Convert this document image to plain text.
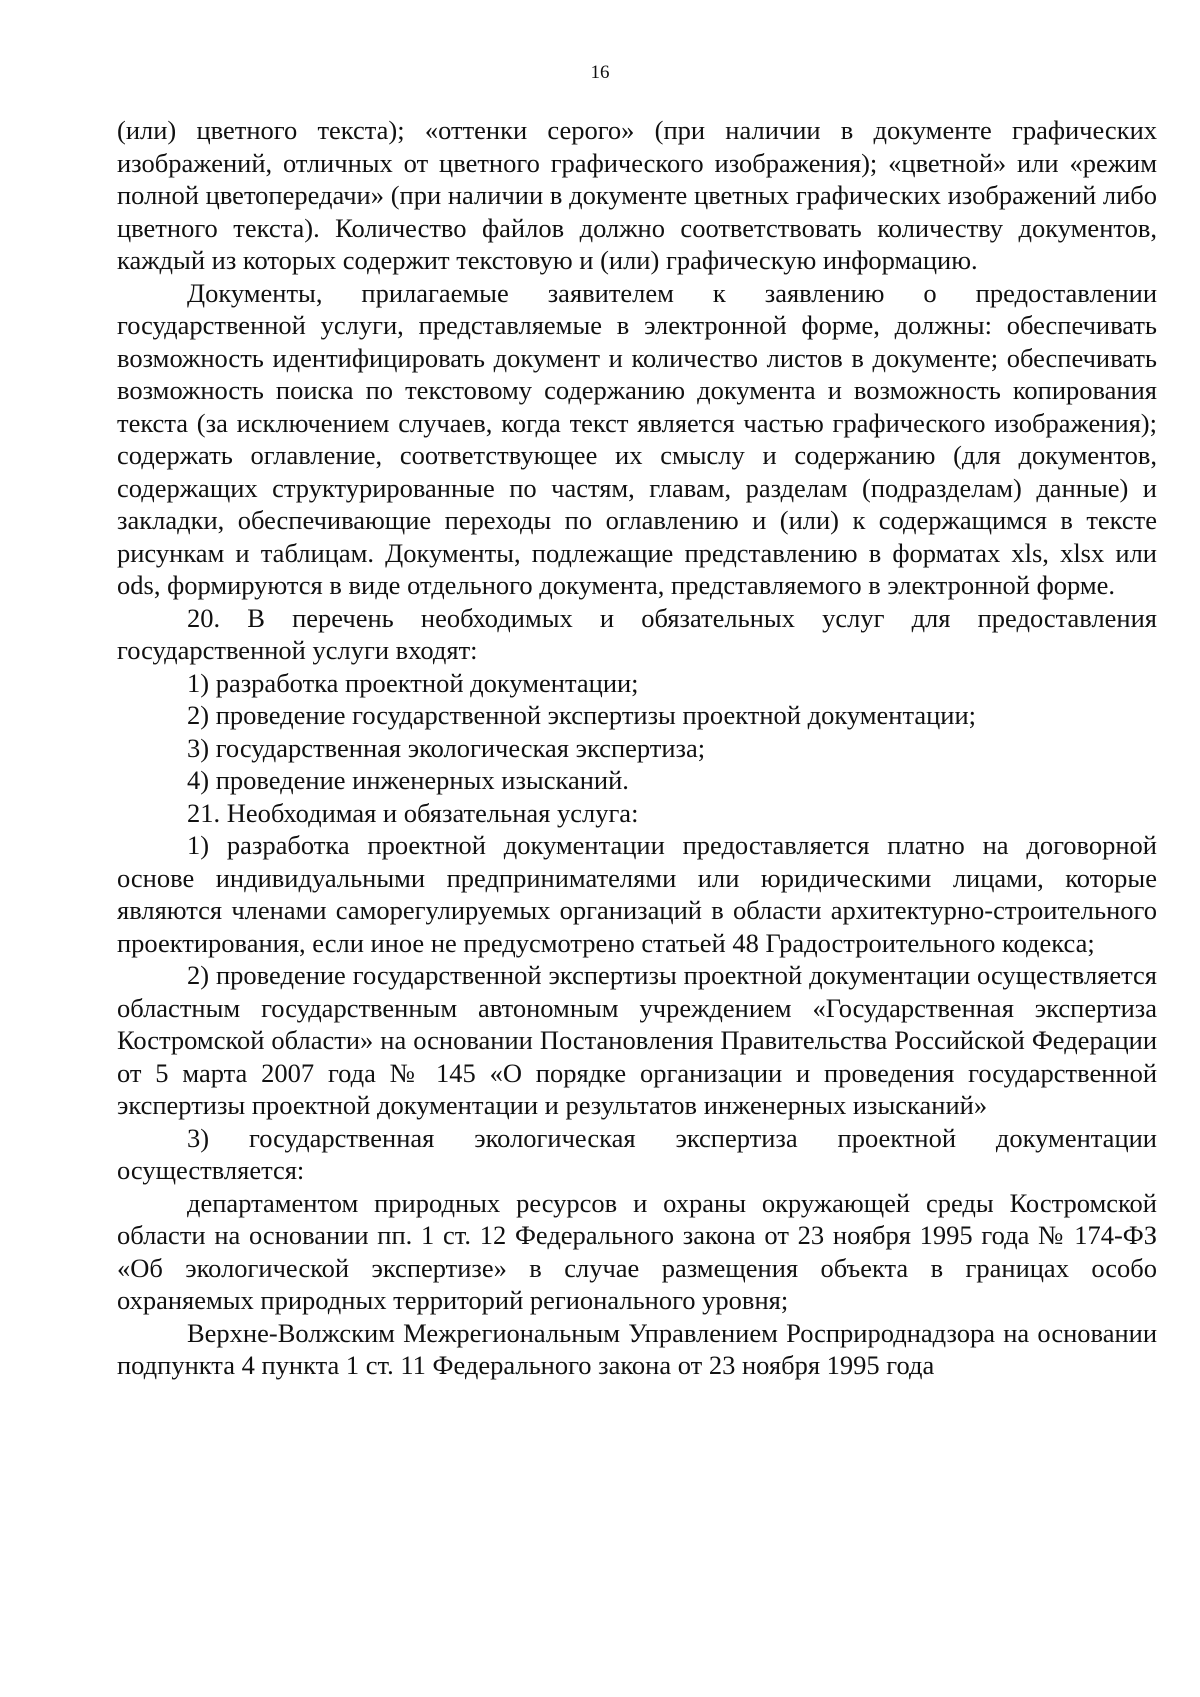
16

(или) цветного текста); «оттенки серого» (при наличии в документе графических изображений, отличных от цветного графического изображения); «цветной» или «режим полной цветопередачи» (при наличии в документе цветных графических изображений либо цветного текста). Количество файлов должно соответствовать количеству документов, каждый из которых содержит текстовую и (или) графическую информацию.

Документы, прилагаемые заявителем к заявлению о предоставлении государственной услуги, представляемые в электронной форме, должны: обеспечивать возможность идентифицировать документ и количество листов в документе; обеспечивать возможность поиска по текстовому содержанию документа и возможность копирования текста (за исключением случаев, когда текст является частью графического изображения); содержать оглавление, соответствующее их смыслу и содержанию (для документов, содержащих структурированные по частям, главам, разделам (подразделам) данные) и закладки, обеспечивающие переходы по оглавлению и (или) к содержащимся в тексте рисункам и таблицам. Документы, подлежащие представлению в форматах xls, xlsx или ods, формируются в виде отдельного документа, представляемого в электронной форме.

20. В перечень необходимых и обязательных услуг для предоставления государственной услуги входят:

1) разработка проектной документации;

2) проведение государственной экспертизы проектной документации;

3) государственная экологическая экспертиза;

4) проведение инженерных изысканий.

21. Необходимая и обязательная услуга:

1) разработка проектной документации предоставляется платно на договорной основе индивидуальными предпринимателями или юридическими лицами, которые являются членами саморегулируемых организаций в области архитектурно-строительного проектирования, если иное не предусмотрено статьей 48 Градостроительного кодекса;

2) проведение государственной экспертизы проектной документации осуществляется областным государственным автономным учреждением «Государственная экспертиза Костромской области» на основании Постановления Правительства Российской Федерации от 5 марта 2007 года № 145 «О порядке организации и проведения государственной экспертизы проектной документации и результатов инженерных изысканий»

3) государственная экологическая экспертиза проектной документации осуществляется:

департаментом природных ресурсов и охраны окружающей среды Костромской области на основании пп. 1 ст. 12 Федерального закона от 23 ноября 1995 года № 174-ФЗ «Об экологической экспертизе» в случае размещения объекта в границах особо охраняемых природных территорий регионального уровня;

Верхне-Волжским Межрегиональным Управлением Росприроднадзора на основании подпункта 4 пункта 1 ст. 11 Федерального закона от 23 ноября 1995 года
